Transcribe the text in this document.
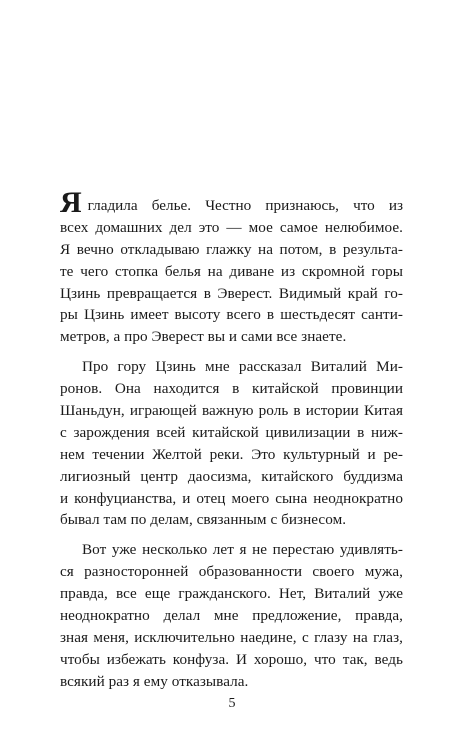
Я гладила белье. Честно признаюсь, что из
всех домашних дел это — мое самое нелюбимое.
Я вечно откладываю глажку на потом, в результа-
те чего стопка белья на диване из скромной горы
Цзинь превращается в Эверест. Видимый край го-
ры Цзинь имеет высоту всего в шестьдесят санти-
метров, а про Эверест вы и сами все знаете.
Про гору Цзинь мне рассказал Виталий Ми-
ронов. Она находится в китайской провинции
Шаньдун, играющей важную роль в истории Китая
с зарождения всей китайской цивилизации в ниж-
нем течении Желтой реки. Это культурный и ре-
лигиозный центр даосизма, китайского буддизма
и конфуцианства, и отец моего сына неоднократно
бывал там по делам, связанным с бизнесом.
Вот уже несколько лет я не перестаю удивлять-
ся разносторонней образованности своего мужа,
правда, все еще гражданского. Нет, Виталий уже
неоднократно делал мне предложение, правда,
зная меня, исключительно наедине, с глазу на глаз,
чтобы избежать конфуза. И хорошо, что так, ведь
всякий раз я ему отказывала.
5
